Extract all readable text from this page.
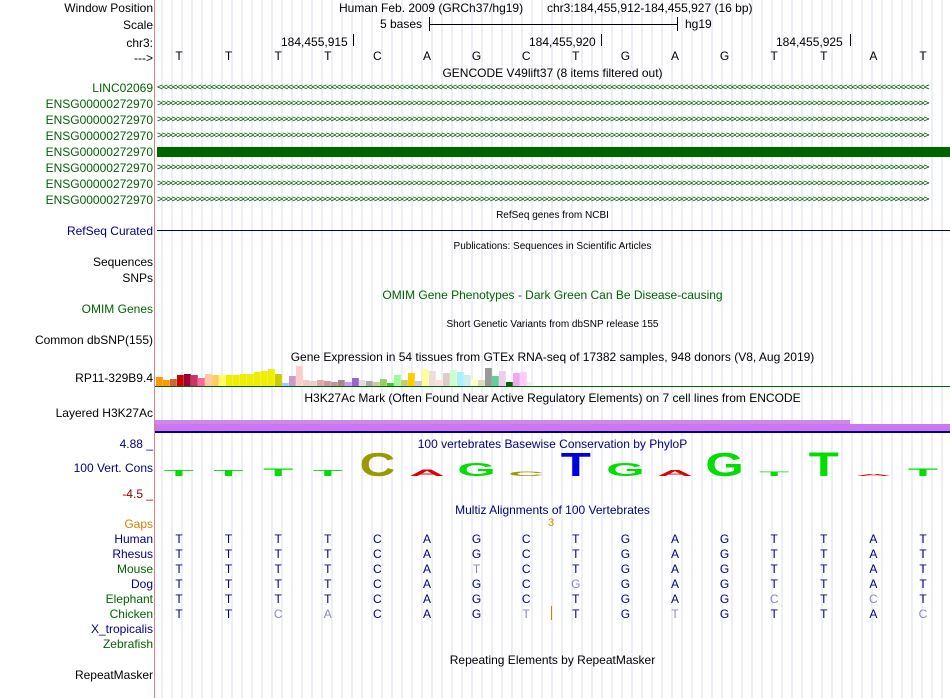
Window Position	Human Feb. 2009 (GRCh37/hg19) chr3:184,455,912-184,455,927 (16 bp)
Scale	5 bases	hg19
chr3:	184,455,915	184,455,920	184,455,925
--->	T	T	T	T	C	A	G	C	T	G	A	G	T	T	A	T
GENCODE V49lift37 (8 items filtered out)
LINC02069 <<<<<<<<<<<<<<<<<<<<<<<<<<<<<<<<<<<<<<<<<<<<<<<<<<<<<<<<<<<<<<<<<<<<<<<<<<<<<<<<<<<<<<<<<<<<<<<<<<<<<<<<<<<<<<<<<<<<<<<<<<<<<<<<<<<<<<<<<<<<<<<<<<<<<<<<<<<<<<<<
ENSG00000272970 >>>>>>>>>>>>>>>>>>>>>>>>>>>>>>>>>>>>>>>>>>>>>>>>>>>>>>>>>>>>>>>>>>>>>>>>>>>>>>>>>>>>>>>>>>>>>>>>>>>>>>>>>>>>>>>>>>>>>>>>>>>>>>>>>>>>>>>>>>>>>>>>>>>>>>>>>>>>>>>>
ENSG00000272970 >>>>>>>>>>>>>>>>>>>>>>>>>>>>>>>>>>>>>>>>>>>>>>>>>>>>>>>>>>>>>>>>>>>>>>>>>>>>>>>>>>>>>>>>>>>>>>>>>>>>>>>>>>>>>>>>>>>>>>>>>>>>>>>>>>>>>>>>>>>>>>>>>>>>>>>>>>>>>>>>
ENSG00000272970 >>>>>>>>>>>>>>>>>>>>>>>>>>>>>>>>>>>>>>>>>>>>>>>>>>>>>>>>>>>>>>>>>>>>>>>>>>>>>>>>>>>>>>>>>>>>>>>>>>>>>>>>>>>>>>>>>>>>>>>>>>>>>>>>>>>>>>>>>>>>>>>>>>>>>>>>>>>>>>>>
ENSG00000272970
ENSG00000272970 >>>>>>>>>>>>>>>>>>>>>>>>>>>>>>>>>>>>>>>>>>>>>>>>>>>>>>>>>>>>>>>>>>>>>>>>>>>>>>>>>>>>>>>>>>>>>>>>>>>>>>>>>>>>>>>>>>>>>>>>>>>>>>>>>>>>>>>>>>>>>>>>>>>>>>>>>>>>>>>>
ENSG00000272970 >>>>>>>>>>>>>>>>>>>>>>>>>>>>>>>>>>>>>>>>>>>>>>>>>>>>>>>>>>>>>>>>>>>>>>>>>>>>>>>>>>>>>>>>>>>>>>>>>>>>>>>>>>>>>>>>>>>>>>>>>>>>>>>>>>>>>>>>>>>>>>>>>>>>>>>>>>>>>>>>
ENSG00000272970 >>>>>>>>>>>>>>>>>>>>>>>>>>>>>>>>>>>>>>>>>>>>>>>>>>>>>>>>>>>>>>>>>>>>>>>>>>>>>>>>>>>>>>>>>>>>>>>>>>>>>>>>>>>>>>>>>>>>>>>>>>>>>>>>>>>>>>>>>>>>>>>>>>>>>>>>>>>>>>>>
RefSeq genes from NCBI
RefSeq Curated
Publications: Sequences in Scientific Articles
Sequences
SNPs
OMIM Gene Phenotypes - Dark Green Can Be Disease-causing
OMIM Genes
Short Genetic Variants from dbSNP release 155
Common dbSNP(155)
Gene Expression in 54 tissues from GTEx RNA-seq of 17382 samples, 948 donors (V8, Aug 2019)
RP11-329B9.4
H3K27Ac Mark (Often Found Near Active Regulatory Elements) on 7 cell lines from ENCODE
Layered H3K27Ac
100 vertebrates Basewise Conservation by PhyloP
4.88 _
100 Vert. Cons
-4.5 _
T T T T C A G C T G A G T T A T
Multiz Alignments of 100 Vertebrates
Gaps	3
Human	T	T	T	T	C	A	G	C	T	G	A	G	T	T	A	T
Rhesus	T	T	T	T	C	A	G	C	T	G	A	G	T	T	A	T
Mouse	T	T	T	T	C	A	T	C	T	G	A	G	T	T	A	T
Dog	T	T	T	T	C	A	G	C	G	G	A	G	T	T	A	T
Elephant	T	T	T	T	C	A	G	C	T	G	A	G	C	T	C	T
Chicken	T	T	C	A	C	A	G	T	T	G	T	G	T	T	A	C
X_tropicalis
Zebrafish
Repeating Elements by RepeatMasker
RepeatMasker
